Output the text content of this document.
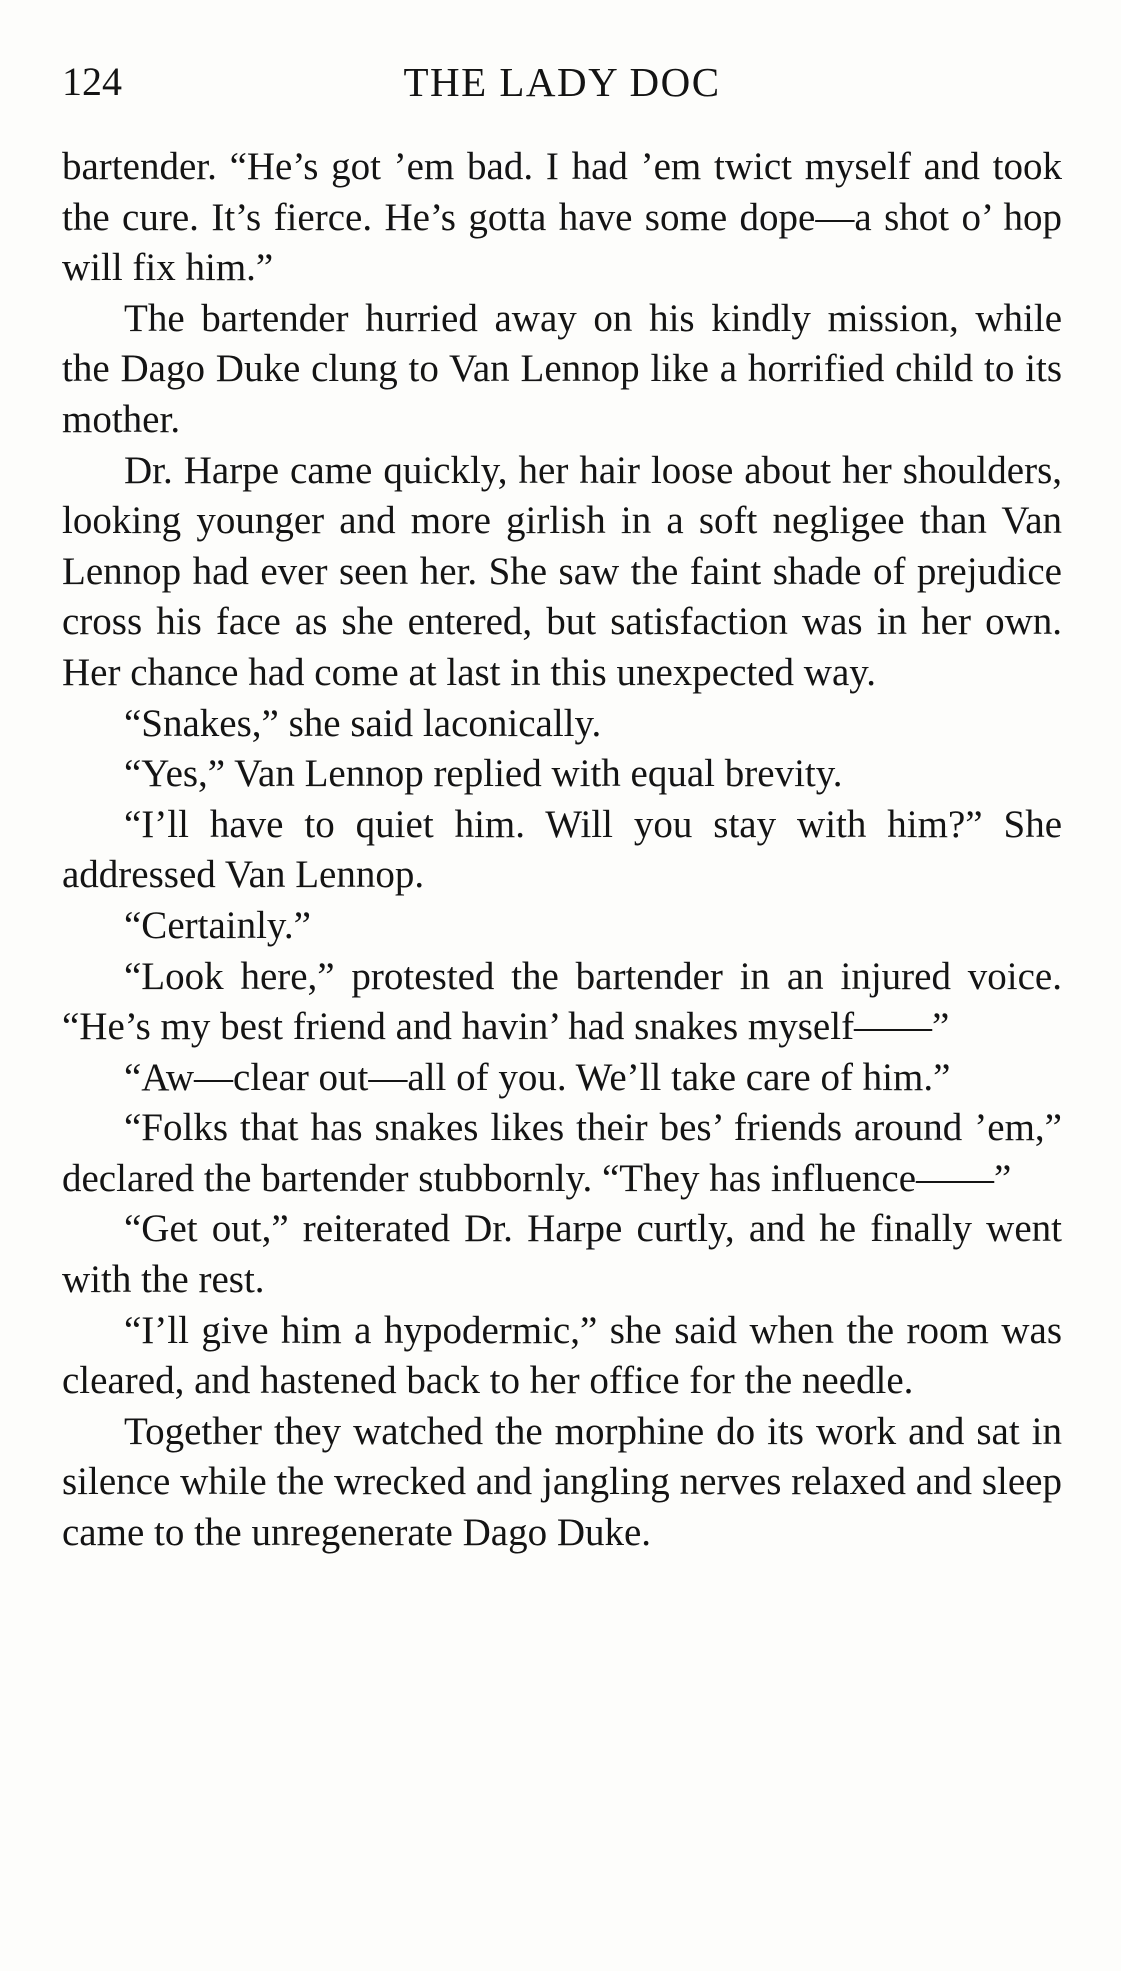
THE LADY DOC
124

bartender. “He’s got ’em bad. I had ’em twict myself and took the cure. It’s fierce. He’s gotta have some dope—a shot o’ hop will fix him.”

The bartender hurried away on his kindly mission, while the Dago Duke clung to Van Lennop like a horrified child to its mother.

Dr. Harpe came quickly, her hair loose about her shoulders, looking younger and more girlish in a soft negligee than Van Lennop had ever seen her. She saw the faint shade of prejudice cross his face as she entered, but satisfaction was in her own. Her chance had come at last in this unexpected way.

“Snakes,” she said laconically.

“Yes,” Van Lennop replied with equal brevity.

“I’ll have to quiet him. Will you stay with him?” She addressed Van Lennop.

“Certainly.”

“Look here,” protested the bartender in an injured voice. “He’s my best friend and havin’ had snakes myself——”

“Aw—clear out—all of you. We’ll take care of him.”

“Folks that has snakes likes their bes’ friends around ’em,” declared the bartender stubbornly. “They has influence——”

“Get out,” reiterated Dr. Harpe curtly, and he finally went with the rest.

“I’ll give him a hypodermic,” she said when the room was cleared, and hastened back to her office for the needle.

Together they watched the morphine do its work and sat in silence while the wrecked and jangling nerves relaxed and sleep came to the unregenerate Dago Duke.
